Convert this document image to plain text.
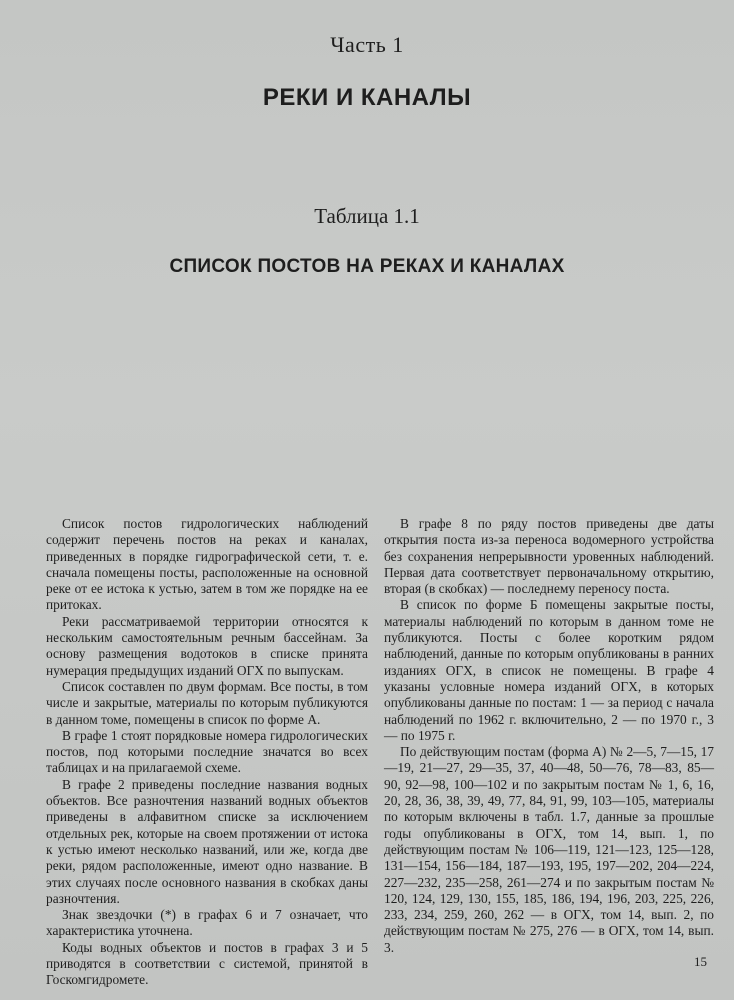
Часть 1
РЕКИ И КАНАЛЫ
Таблица 1.1
СПИСОК ПОСТОВ НА РЕКАХ И КАНАЛАХ

Список постов гидрологических наблюдений содержит перечень постов на реках и каналах, приведенных в порядке гидрографической сети, т. е. сначала помещены посты, расположенные на основной реке от ее истока к устью, затем в том же порядке на ее притоках.

Реки рассматриваемой территории относятся к нескольким самостоятельным речным бассейнам. За основу размещения водотоков в списке принята нумерация предыдущих изданий ОГХ по выпускам.

Список составлен по двум формам. Все посты, в том числе и закрытые, материалы по которым публикуются в данном томе, помещены в список по форме А.

В графе 1 стоят порядковые номера гидрологических постов, под которыми последние значатся во всех таблицах и на прилагаемой схеме.

В графе 2 приведены последние названия водных объектов. Все разночтения названий водных объектов приведены в алфавитном списке за исключением отдельных рек, которые на своем протяжении от истока к устью имеют несколько названий, или же, когда две реки, рядом расположенные, имеют одно название. В этих случаях после основного названия в скобках даны разночтения.

Знак звездочки (*) в графах 6 и 7 означает, что характеристика уточнена.

Коды водных объектов и постов в графах 3 и 5 приводятся в соответствии с системой, принятой в Госкомгидромете.

В графе 8 по ряду постов приведены две даты открытия поста из-за переноса водомерного устройства без сохранения непрерывности уровенных наблюдений. Первая дата соответствует первоначальному открытию, вторая (в скобках) — последнему переносу поста.

В список по форме Б помещены закрытые посты, материалы наблюдений по которым в данном томе не публикуются. Посты с более коротким рядом наблюдений, данные по которым опубликованы в ранних изданиях ОГХ, в список не помещены. В графе 4 указаны условные номера изданий ОГХ, в которых опубликованы данные по постам: 1 — за период с начала наблюдений по 1962 г. включительно, 2 — по 1970 г., 3 — по 1975 г.

По действующим постам (форма А) № 2—5, 7—15, 17—19, 21—27, 29—35, 37, 40—48, 50—76, 78—83, 85—90, 92—98, 100—102 и по закрытым постам № 1, 6, 16, 20, 28, 36, 38, 39, 49, 77, 84, 91, 99, 103—105, материалы по которым включены в табл. 1.7, данные за прошлые годы опубликованы в ОГХ, том 14, вып. 1, по действующим постам № 106—119, 121—123, 125—128, 131—154, 156—184, 187—193, 195, 197—202, 204—224, 227—232, 235—258, 261—274 и по закрытым постам № 120, 124, 129, 130, 155, 185, 186, 194, 196, 203, 225, 226, 233, 234, 259, 260, 262 — в ОГХ, том 14, вып. 2, по действующим постам № 275, 276 — в ОГХ, том 14, вып. 3.

15
